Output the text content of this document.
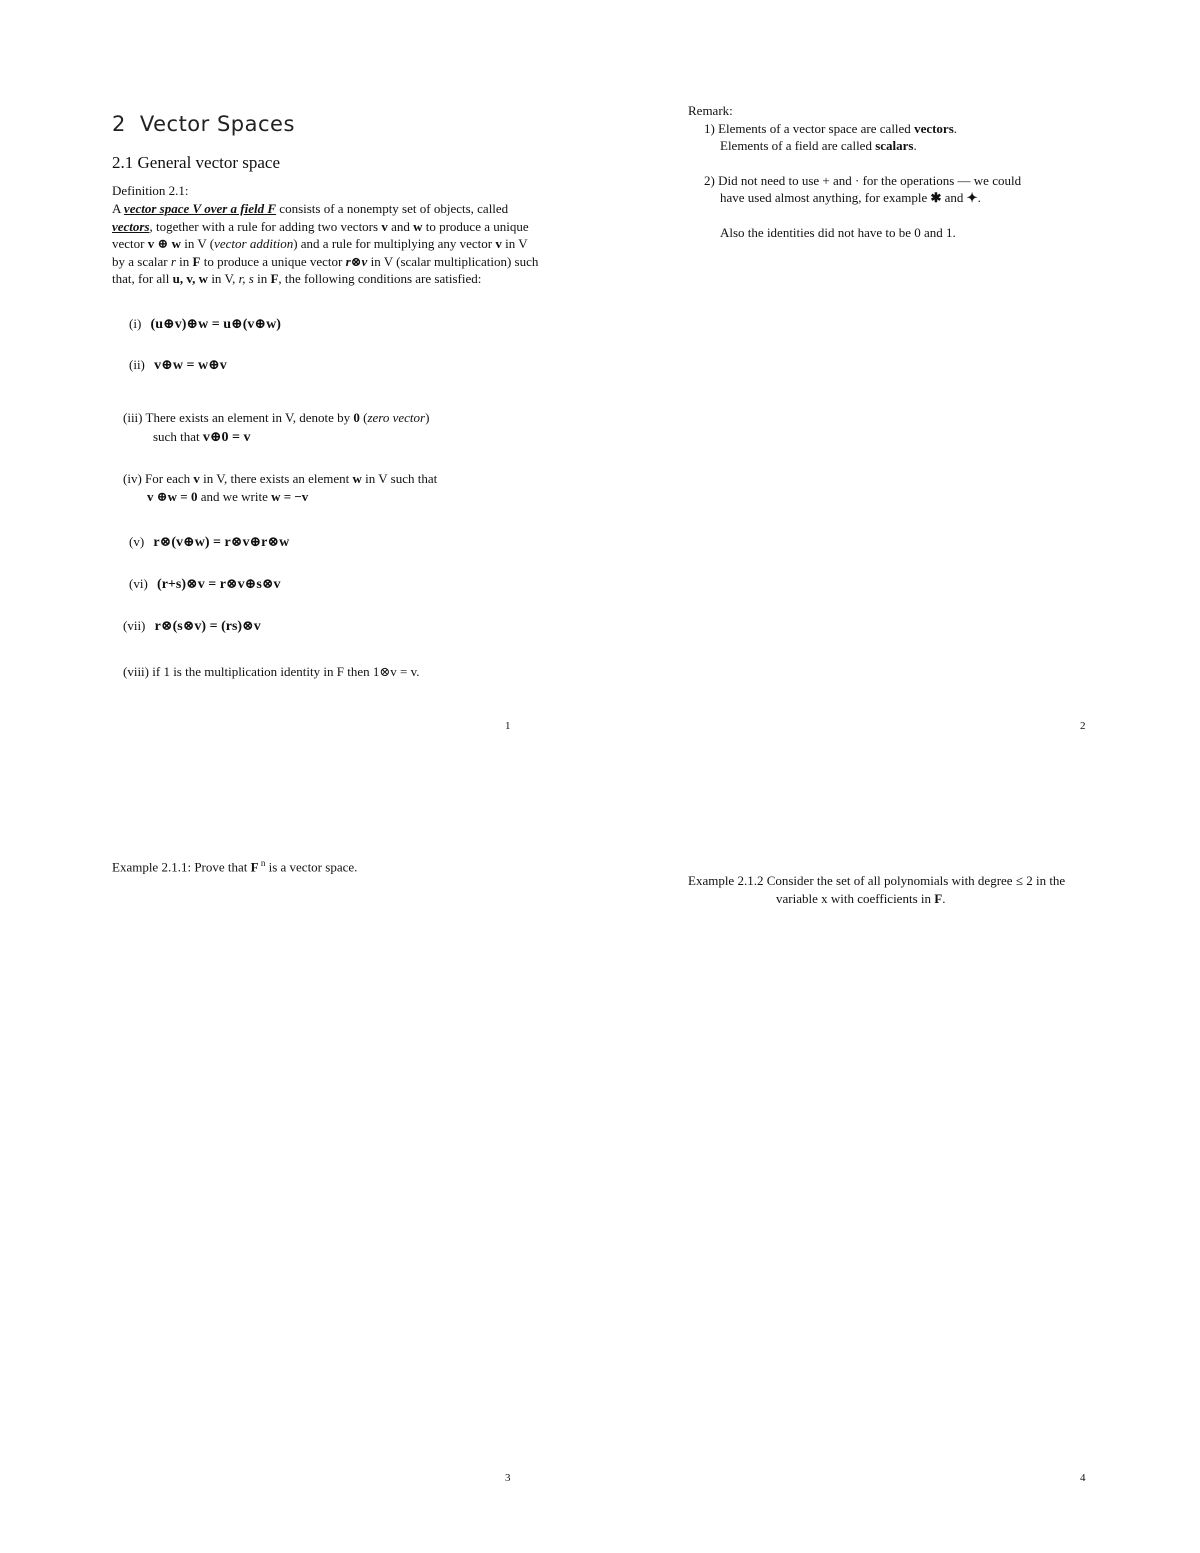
2 Vector Spaces
2.1 General vector space
Definition 2.1:
A vector space V over a field F consists of a nonempty set of objects, called vectors, together with a rule for adding two vectors v and w to produce a unique vector v ⊕ w in V (vector addition) and a rule for multiplying any vector v in V by a scalar r in F to produce a unique vector r⊗v in V (scalar multiplication) such that, for all u, v, w in V, r, s in F, the following conditions are satisfied:
(i) (u⊕v)⊕w = u⊕(v⊕w)
(ii) v⊕w = w⊕v
(iii) There exists an element in V, denote by 0 (zero vector)
such that v⊕0 = v
(iv) For each v in V, there exists an element w in V such that
v ⊕w = 0 and we write w = −v
(v) r⊗(v⊕w) = r⊗v⊕r⊗w
(vi) (r+s)⊗v = r⊗v⊕s⊗v
(vii) r⊗(s⊗v) = (rs)⊗v
(viii) if 1 is the multiplication identity in F then 1⊗v = v.
1
Remark:
1) Elements of a vector space are called vectors.
Elements of a field are called scalars.
2) Did not need to use + and · for the operations — we could
have used almost anything, for example ✱ and ✦.
Also the identities did not have to be 0 and 1.
2
Example 2.1.1: Prove that F $^n$ is a vector space.
3
Example 2.1.2 Consider the set of all polynomials with degree ≤ 2 in the
variable x with coefficients in F.
4
